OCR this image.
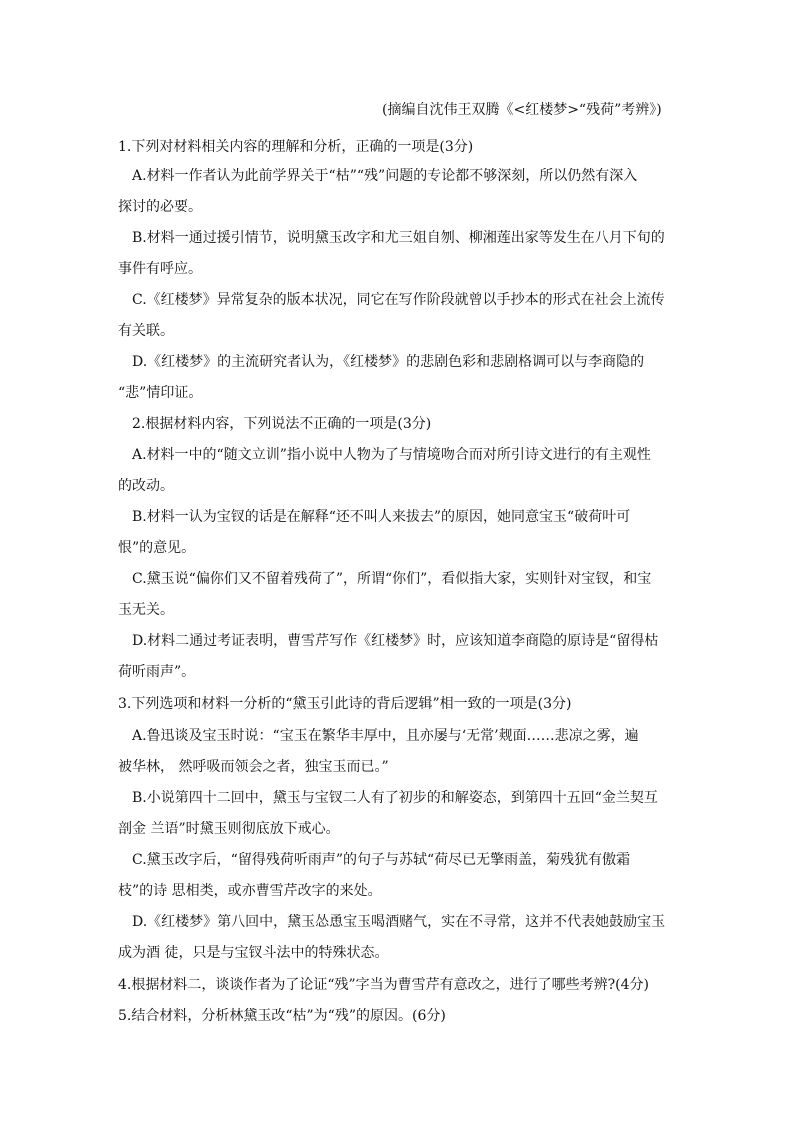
(摘编自沈伟王双腾《<红楼梦>“残荷”考辨》)
1.下列对材料相关内容的理解和分析，正确的一项是(3分)
A.材料一作者认为此前学界关于“枯”“残”问题的专论都不够深刻，所以仍然有深入
探讨的必要。
B.材料一通过援引情节，说明黛玉改字和尤三姐自刎、柳湘莲出家等发生在八月下旬的
事件有呼应。
C.《红楼梦》异常复杂的版本状况，同它在写作阶段就曾以手抄本的形式在社会上流传
有关联。
D.《红楼梦》的主流研究者认为，《红楼梦》的悲剧色彩和悲剧格调可以与李商隐的
“悲”情印证。
2.根据材料内容，下列说法不正确的一项是(3分)
A.材料一中的“随文立训”指小说中人物为了与情境吻合而对所引诗文进行的有主观性
的改动。
B.材料一认为宝钗的话是在解释“还不叫人来拔去”的原因，她同意宝玉“破荷叶可
恨”的意见。
C.黛玉说“偏你们又不留着残荷了”，所谓“你们”，看似指大家，实则针对宝钗，和宝
玉无关。
D.材料二通过考证表明，曹雪芹写作《红楼梦》时，应该知道李商隐的原诗是“留得枯
荷听雨声”。
3.下列选项和材料一分析的“黛玉引此诗的背后逻辑”相一致的一项是(3分)
A.鲁迅谈及宝玉时说：“宝玉在繁华丰厚中，且亦屡与‘无常’觌面……悲凉之雾，遍
被华林， 然呼吸而领会之者，独宝玉而已。”
B.小说第四十二回中，黛玉与宝钗二人有了初步的和解姿态，到第四十五回“金兰契互
剖金 兰语”时黛玉则彻底放下戒心。
C.黛玉改字后，“留得残荷听雨声”的句子与苏轼“荷尽已无擎雨盖，菊残犹有傲霜
枝”的诗 思相类，或亦曹雪芹改字的来处。
D.《红楼梦》第八回中，黛玉怂恿宝玉喝酒赌气，实在不寻常，这并不代表她鼓励宝玉
成为酒 徒，只是与宝钗斗法中的特殊状态。
4.根据材料二，谈谈作者为了论证“残”字当为曹雪芹有意改之，进行了哪些考辨?(4分)
5.结合材料，分析林黛玉改“枯”为“残”的原因。(6分)
